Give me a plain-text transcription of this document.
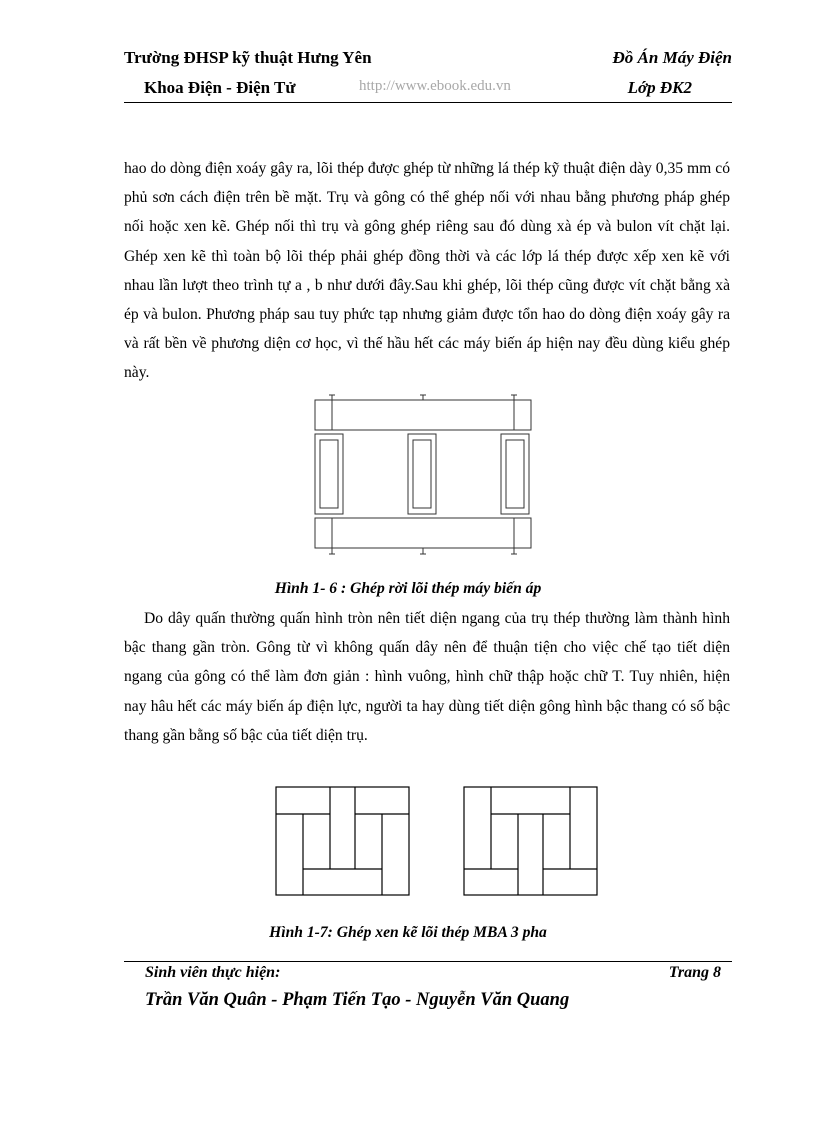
Trường ĐHSP kỹ thuật Hưng Yên	Đồ Án Máy Điện
Khoa Điện - Điện Tử	http://www.ebook.edu.vn	Lớp ĐK2

hao do dòng điện xoáy gây ra, lõi thép được ghép từ những lá thép kỹ thuật điện dày 0,35 mm có phủ sơn cách điện trên bề mặt. Trụ và gông có thể ghép nối với nhau bằng phương pháp ghép nối hoặc xen kẽ. Ghép nối thì trụ và gông ghép riêng sau đó dùng xà ép và bulon vít chặt lại. Ghép xen kẽ thì toàn bộ lõi thép phải ghép đồng thời và các lớp lá thép được xếp xen kẽ với nhau lần lượt theo trình tự a , b như dưới đây.Sau khi ghép, lõi thép cũng được vít chặt bằng xà ép và bulon. Phương pháp sau tuy phức tạp nhưng giảm được tổn hao do dòng điện xoáy gây ra và rất bền về phương diện cơ học, vì thế hầu hết các máy biến áp hiện nay đều dùng kiểu ghép này.

Hình 1- 6 : Ghép rời lõi thép máy biến áp

Do dây quấn thường quấn hình tròn nên tiết diện ngang của trụ thép thường làm thành hình bậc thang gần tròn. Gông từ vì không quấn dây nên để thuận tiện cho việc chế tạo tiết diện ngang của gông có thể làm đơn giản : hình vuông, hình chữ thập hoặc chữ T. Tuy nhiên, hiện nay hâu hết các máy biến áp điện lực, người ta hay dùng tiết diện gông hình bậc thang có số bậc thang gần bằng số bậc của tiết diện trụ.

Hình 1-7: Ghép xen kẽ lõi thép MBA 3 pha
Sinh viên thực hiện:	Trang 8
Trần Văn Quân - Phạm Tiến Tạo - Nguyễn Văn Quang
